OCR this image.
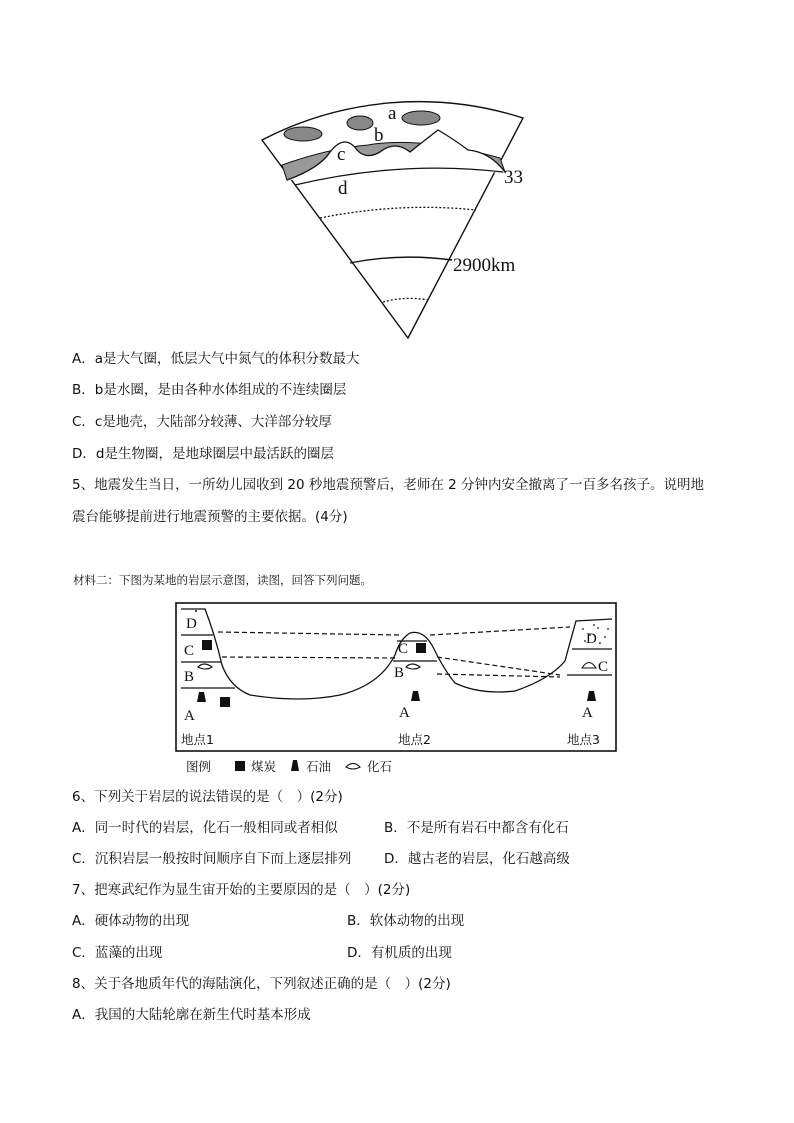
a
b
c
d
33
2900km
A．a是大气圈，低层大气中氮气的体积分数最大
B．b是水圈，是由各种水体组成的不连续圈层
C．c是地壳，大陆部分较薄、大洋部分较厚
D．d是生物圈，是地球圈层中最活跃的圈层
5、地震发生当日，一所幼儿园收到 20 秒地震预警后，老师在 2 分钟内安全撤离了一百多名孩子。说明地
震台能够提前进行地震预警的主要依据。(4分)
材料二：下图为某地的岩层示意图，读图，回答下列问题。
D
C
B
A
C
B
A
D
C
A
地点1	地点2	地点3
图例	煤炭 石油	化石
6、下列关于岩层的说法错误的是（　）(2分)
A．同一时代的岩层，化石一般相同或者相似	B．不是所有岩石中都含有化石
C．沉积岩层一般按时间顺序自下而上逐层排列 D．越古老的岩层，化石越高级
7、把寒武纪作为显生宙开始的主要原因的是（　）(2分)
A．硬体动物的出现	B．软体动物的出现
C．蓝藻的出现	D．有机质的出现
8、关于各地质年代的海陆演化，下列叙述正确的是（　）(2分)
A．我国的大陆轮廓在新生代时基本形成
